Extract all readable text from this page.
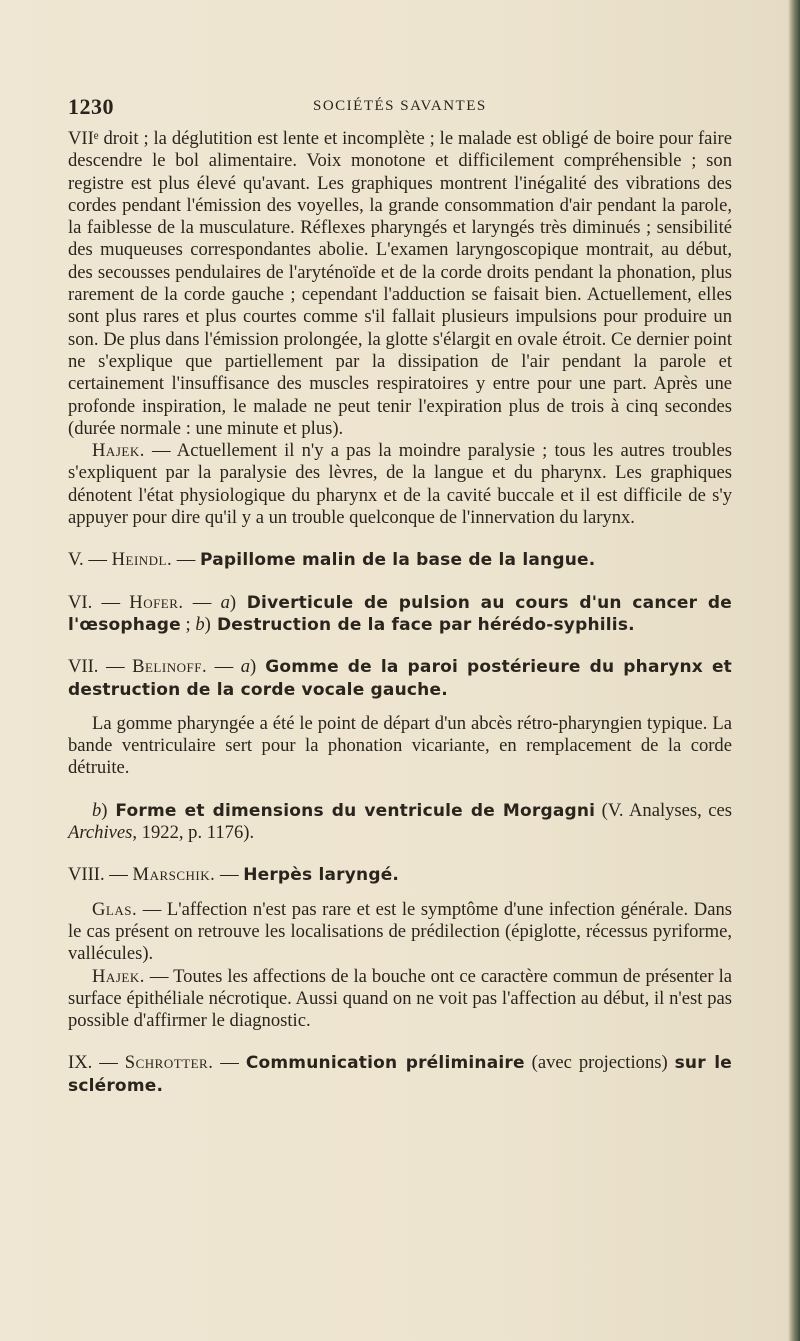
1230	SOCIÉTÉS SAVANTES

VIIᵉ droit ; la déglutition est lente et incomplète ; le malade est obligé de boire pour faire descendre le bol alimentaire. Voix monotone et difficilement compréhensible ; son registre est plus élevé qu'avant. Les graphiques montrent l'inégalité des vibrations des cordes pendant l'émission des voyelles, la grande consommation d'air pendant la parole, la faiblesse de la musculature. Réflexes pharyngés et laryngés très diminués ; sensibilité des muqueuses correspondantes abolie. L'examen laryngoscopique montrait, au début, des secousses pendulaires de l'aryténoïde et de la corde droits pendant la phonation, plus rarement de la corde gauche ; cependant l'adduction se faisait bien. Actuellement, elles sont plus rares et plus courtes comme s'il fallait plusieurs impulsions pour produire un son. De plus dans l'émission prolongée, la glotte s'élargit en ovale étroit. Ce dernier point ne s'explique que partiellement par la dissipation de l'air pendant la parole et certainement l'insuffisance des muscles respiratoires y entre pour une part. Après une profonde inspiration, le malade ne peut tenir l'expiration plus de trois à cinq secondes (durée normale : une minute et plus).

Hajek. — Actuellement il n'y a pas la moindre paralysie ; tous les autres troubles s'expliquent par la paralysie des lèvres, de la langue et du pharynx. Les graphiques dénotent l'état physiologique du pharynx et de la cavité buccale et il est difficile de s'y appuyer pour dire qu'il y a un trouble quelconque de l'innervation du larynx.

V. — Heindl. — Papillome malin de la base de la langue.

VI. — Hofer. — a) Diverticule de pulsion au cours d'un cancer de l'œsophage ; b) Destruction de la face par hérédo-syphilis.

VII. — Belinoff. — a) Gomme de la paroi postérieure du pharynx et destruction de la corde vocale gauche.

La gomme pharyngée a été le point de départ d'un abcès rétro-pharyngien typique. La bande ventriculaire sert pour la phonation vicariante, en remplacement de la corde détruite.

b) Forme et dimensions du ventricule de Morgagni (V. Analyses, ces Archives, 1922, p. 1176).

VIII. — Marschik. — Herpès laryngé.

Glas. — L'affection n'est pas rare et est le symptôme d'une infection générale. Dans le cas présent on retrouve les localisations de prédilection (épiglotte, récessus pyriforme, vallécules).

Hajek. — Toutes les affections de la bouche ont ce caractère commun de présenter la surface épithéliale nécrotique. Aussi quand on ne voit pas l'affection au début, il n'est pas possible d'affirmer le diagnostic.

IX. — Schrotter. — Communication préliminaire (avec projections) sur le sclérome.
